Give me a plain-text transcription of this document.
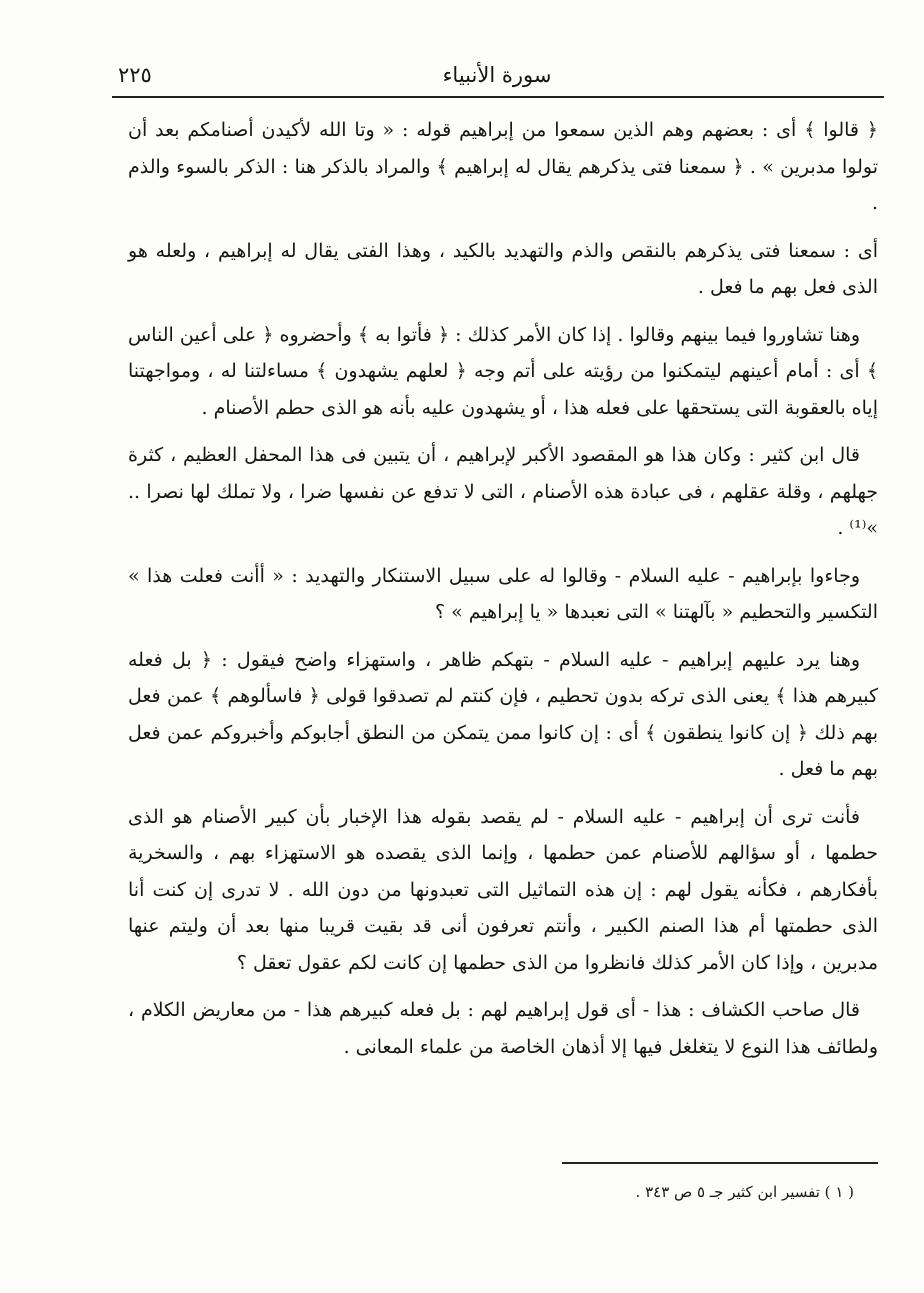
سورة الأنبياء
٢٢٥

﴿ قالوا ﴾ أى : بعضهم وهم الذين سمعوا من إبراهيم قوله : « وتا الله لأكيدن أصنامكم بعد أن تولوا مدبرين » . ﴿ سمعنا فتى يذكرهم يقال له إبراهيم ﴾ والمراد بالذكر هنا : الذكر بالسوء والذم .

أى : سمعنا فتى يذكرهم بالنقص والذم والتهديد بالكيد ، وهذا الفتى يقال له إبراهيم ، ولعله هو الذى فعل بهم ما فعل .

وهنا تشاوروا فيما بينهم وقالوا . إذا كان الأمر كذلك : ﴿ فأتوا به ﴾ وأحضروه ﴿ على أعين الناس ﴾ أى : أمام أعينهم ليتمكنوا من رؤيته على أتم وجه ﴿ لعلهم يشهدون ﴾ مساءلتنا له ، ومواجهتنا إياه بالعقوبة التى يستحقها على فعله هذا ، أو يشهدون عليه بأنه هو الذى حطم الأصنام .

قال ابن كثير : وكان هذا هو المقصود الأكبر لإبراهيم ، أن يتبين فى هذا المحفل العظيم ، كثرة جهلهم ، وقلة عقلهم ، فى عبادة هذه الأصنام ، التى لا تدفع عن نفسها ضرا ، ولا تملك لها نصرا .. »⁽¹⁾ .

وجاءوا بإبراهيم - عليه السلام - وقالوا له على سبيل الاستنكار والتهديد : « أأنت فعلت هذا » التكسير والتحطيم « بآلهتنا » التى نعبدها « يا إبراهيم » ؟

وهنا يرد عليهم إبراهيم - عليه السلام - بتهكم ظاهر ، واستهزاء واضح فيقول : ﴿ بل فعله كبيرهم هذا ﴾ يعنى الذى تركه بدون تحطيم ، فإن كنتم لم تصدقوا قولى ﴿ فاسألوهم ﴾ عمن فعل بهم ذلك ﴿ إن كانوا ينطقون ﴾ أى : إن كانوا ممن يتمكن من النطق أجابوكم وأخبروكم عمن فعل بهم ما فعل .

فأنت ترى أن إبراهيم - عليه السلام - لم يقصد بقوله هذا الإخبار بأن كبير الأصنام هو الذى حطمها ، أو سؤالهم للأصنام عمن حطمها ، وإنما الذى يقصده هو الاستهزاء بهم ، والسخرية بأفكارهم ، فكأنه يقول لهم : إن هذه التماثيل التى تعبدونها من دون الله . لا تدرى إن كنت أنا الذى حطمتها أم هذا الصنم الكبير ، وأنتم تعرفون أنى قد بقيت قريبا منها بعد أن وليتم عنها مدبرين ، وإذا كان الأمر كذلك فانظروا من الذى حطمها إن كانت لكم عقول تعقل ؟

قال صاحب الكشاف : هذا - أى قول إبراهيم لهم : بل فعله كبيرهم هذا - من معاريض الكلام ، ولطائف هذا النوع لا يتغلغل فيها إلا أذهان الخاصة من علماء المعانى .

( ١ ) تفسير ابن كثير جـ ٥ ص ٣٤٣ .
